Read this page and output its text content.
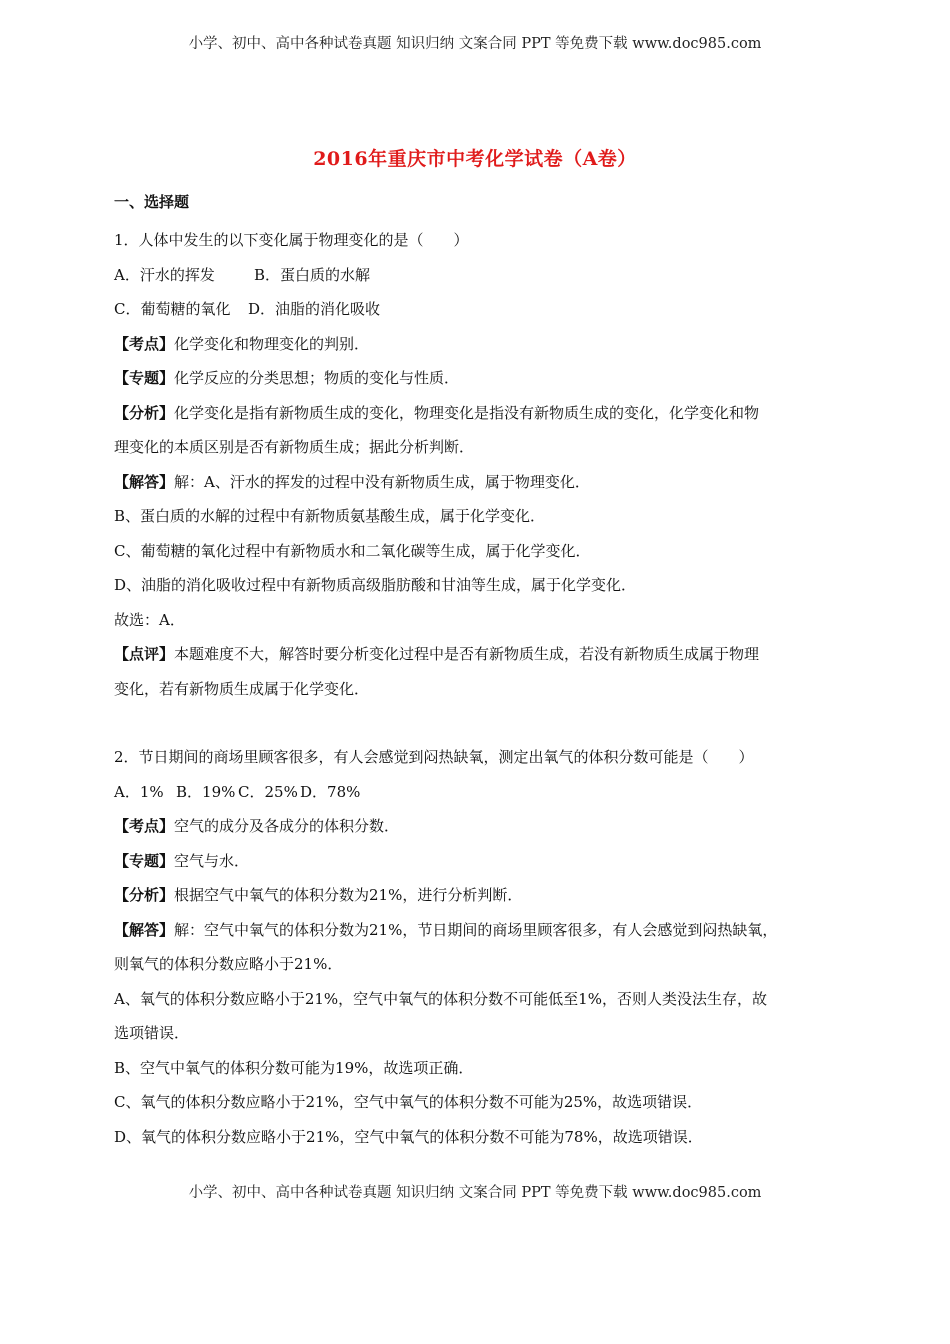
小学、初中、高中各种试卷真题 知识归纳 文案合同 PPT 等免费下载 www.doc985.com
2016年重庆市中考化学试卷（A卷）
一、选择题
1．人体中发生的以下变化属于物理变化的是（　　）
A．汗水的挥发	B．蛋白质的水解
C．葡萄糖的氧化 D．油脂的消化吸收
【考点】化学变化和物理变化的判别．
【专题】化学反应的分类思想；物质的变化与性质．
【分析】化学变化是指有新物质生成的变化，物理变化是指没有新物质生成的变化，化学变化和物
理变化的本质区别是否有新物质生成；据此分析判断．
【解答】解：A、汗水的挥发的过程中没有新物质生成，属于物理变化．
B、蛋白质的水解的过程中有新物质氨基酸生成，属于化学变化．
C、葡萄糖的氧化过程中有新物质水和二氧化碳等生成，属于化学变化．
D、油脂的消化吸收过程中有新物质高级脂肪酸和甘油等生成，属于化学变化．
故选：A．
【点评】本题难度不大，解答时要分析变化过程中是否有新物质生成，若没有新物质生成属于物理
变化，若有新物质生成属于化学变化．
2．节日期间的商场里顾客很多，有人会感觉到闷热缺氧，测定出氧气的体积分数可能是（　　）
A．1% B．19% C．25% D．78%
【考点】空气的成分及各成分的体积分数．
【专题】空气与水．
【分析】根据空气中氧气的体积分数为21%，进行分析判断．
【解答】解：空气中氧气的体积分数为21%，节日期间的商场里顾客很多，有人会感觉到闷热缺氧，
则氧气的体积分数应略小于21%．
A、氧气的体积分数应略小于21%，空气中氧气的体积分数不可能低至1%，否则人类没法生存，故
选项错误．
B、空气中氧气的体积分数可能为19%，故选项正确．
C、氧气的体积分数应略小于21%，空气中氧气的体积分数不可能为25%，故选项错误．
D、氧气的体积分数应略小于21%，空气中氧气的体积分数不可能为78%，故选项错误．
小学、初中、高中各种试卷真题 知识归纳 文案合同 PPT 等免费下载 www.doc985.com
